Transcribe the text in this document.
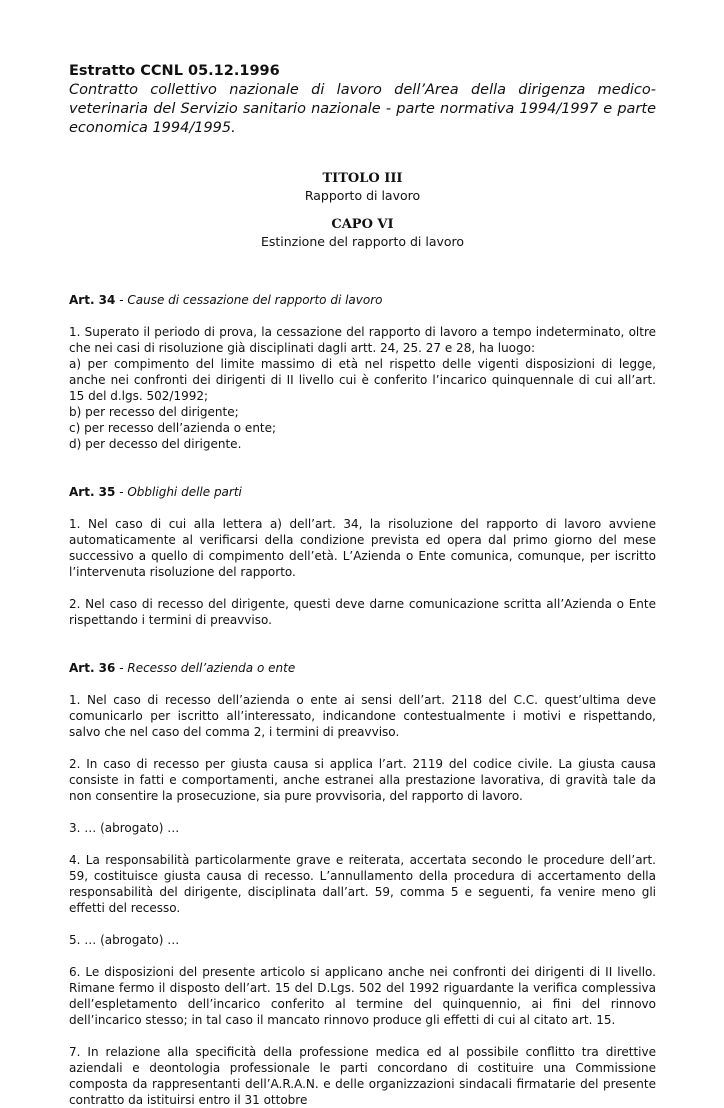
Estratto CCNL 05.12.1996
Contratto collettivo nazionale di lavoro dell’Area della dirigenza medico-veterinaria del Servizio sanitario nazionale - parte normativa 1994/1997 e parte economica 1994/1995.
TITOLO III
Rapporto di lavoro
CAPO VI
Estinzione del rapporto di lavoro
Art. 34 - Cause di cessazione del rapporto di lavoro

1. Superato il periodo di prova, la cessazione del rapporto di lavoro a tempo indeterminato, oltre che nei casi di risoluzione già disciplinati dagli artt. 24, 25. 27 e 28, ha luogo:

a) per compimento del limite massimo di età nel rispetto delle vigenti disposizioni di legge, anche nei confronti dei dirigenti di II livello cui è conferito l’incarico quinquennale di cui all’art. 15 del d.lgs. 502/1992;

b) per recesso del dirigente;

c) per recesso dell’azienda o ente;

d) per decesso del dirigente.

Art. 35 - Obblighi delle parti

1. Nel caso di cui alla lettera a) dell’art. 34, la risoluzione del rapporto di lavoro avviene automaticamente al verificarsi della condizione prevista ed opera dal primo giorno del mese successivo a quello di compimento dell’età. L’Azienda o Ente comunica, comunque, per iscritto l’intervenuta risoluzione del rapporto.

2. Nel caso di recesso del dirigente, questi deve darne comunicazione scritta all’Azienda o Ente rispettando i termini di preavviso.

Art. 36 - Recesso dell’azienda o ente

1. Nel caso di recesso dell’azienda o ente ai sensi dell’art. 2118 del C.C. quest’ultima deve comunicarlo per iscritto all’interessato, indicandone contestualmente i motivi e rispettando, salvo che nel caso del comma 2, i termini di preavviso.

2. In caso di recesso per giusta causa si applica l’art. 2119 del codice civile. La giusta causa consiste in fatti e comportamenti, anche estranei alla prestazione lavorativa, di gravità tale da non consentire la prosecuzione, sia pure provvisoria, del rapporto di lavoro.

3. … (abrogato) …

4. La responsabilità particolarmente grave e reiterata, accertata secondo le procedure dell’art. 59, costituisce giusta causa di recesso. L’annullamento della procedura di accertamento della responsabilità del dirigente, disciplinata dall’art. 59, comma 5 e seguenti, fa venire meno gli effetti del recesso.

5. … (abrogato) …

6. Le disposizioni del presente articolo si applicano anche nei confronti dei dirigenti di II livello. Rimane fermo il disposto dell’art. 15 del D.Lgs. 502 del 1992 riguardante la verifica complessiva dell’espletamento dell’incarico conferito al termine del quinquennio, ai fini del rinnovo dell’incarico stesso; in tal caso il mancato rinnovo produce gli effetti di cui al citato art. 15.

7. In relazione alla specificità della professione medica ed al possibile conflitto tra direttive aziendali e deontologia professionale le parti concordano di costituire una Commissione composta da rappresentanti dell’A.R.A.N. e delle organizzazioni sindacali firmatarie del presente contratto da istituirsi entro il 31 ottobre
